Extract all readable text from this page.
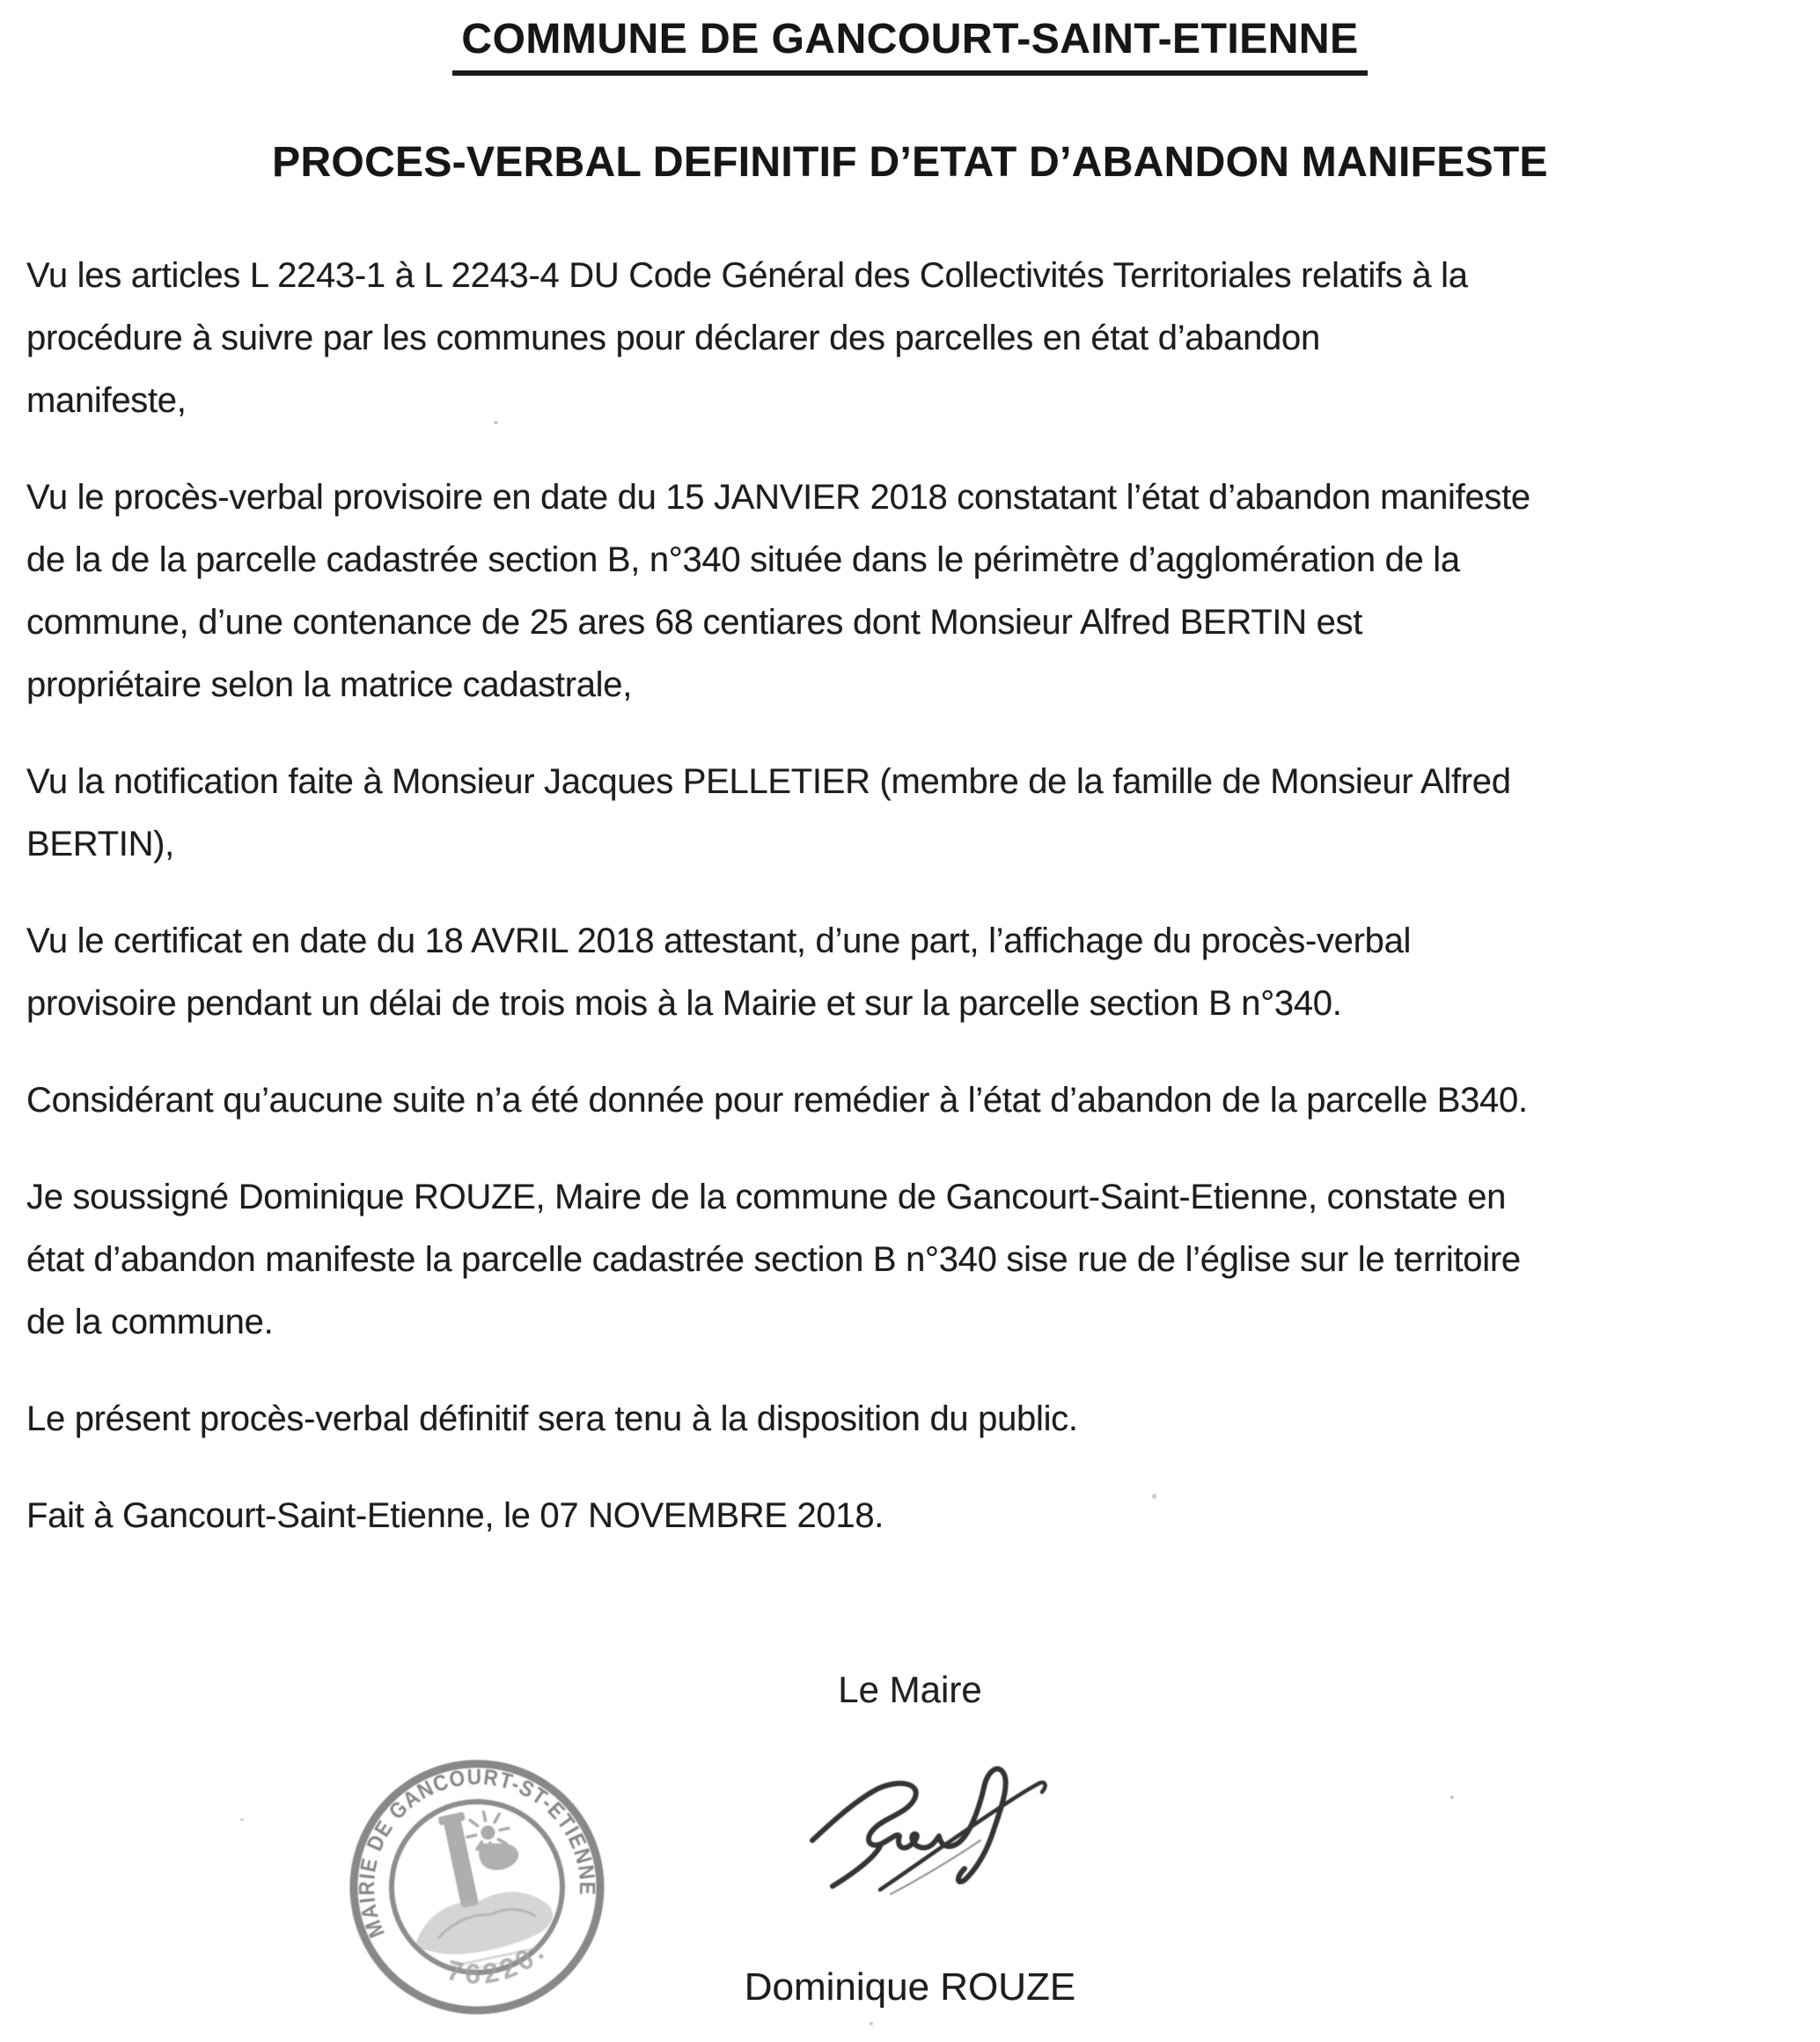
COMMUNE DE GANCOURT-SAINT-ETIENNE
PROCES-VERBAL DEFINITIF D’ETAT D’ABANDON MANIFESTE

Vu les articles L 2243-1 à L 2243-4 DU Code Général des Collectivités Territoriales relatifs à la
procédure à suivre par les communes pour déclarer des parcelles en état d’abandon
manifeste,

Vu le procès-verbal provisoire en date du 15 JANVIER 2018 constatant l’état d’abandon manifeste
de la de la parcelle cadastrée section B, n°340 située dans le périmètre d’agglomération de la
commune, d’une contenance de 25 ares 68 centiares dont Monsieur Alfred BERTIN est
propriétaire selon la matrice cadastrale,

Vu la notification faite à Monsieur Jacques PELLETIER (membre de la famille de Monsieur Alfred
BERTIN),

Vu le certificat en date du 18 AVRIL 2018 attestant, d’une part, l’affichage du procès-verbal
provisoire pendant un délai de trois mois à la Mairie et sur la parcelle section B n°340.

Considérant qu’aucune suite n’a été donnée pour remédier à l’état d’abandon de la parcelle B340.

Je soussigné Dominique ROUZE, Maire de la commune de Gancourt-Saint-Etienne, constate en
état d’abandon manifeste la parcelle cadastrée section B n°340 sise rue de l’église sur le territoire
de la commune.

Le présent procès-verbal définitif sera tenu à la disposition du public.

Fait à Gancourt-Saint-Etienne, le 07 NOVEMBRE 2018.

Le Maire
Dominique ROUZE
MAIRIE DE GANCOURT-ST-ETIENNE
76220.
